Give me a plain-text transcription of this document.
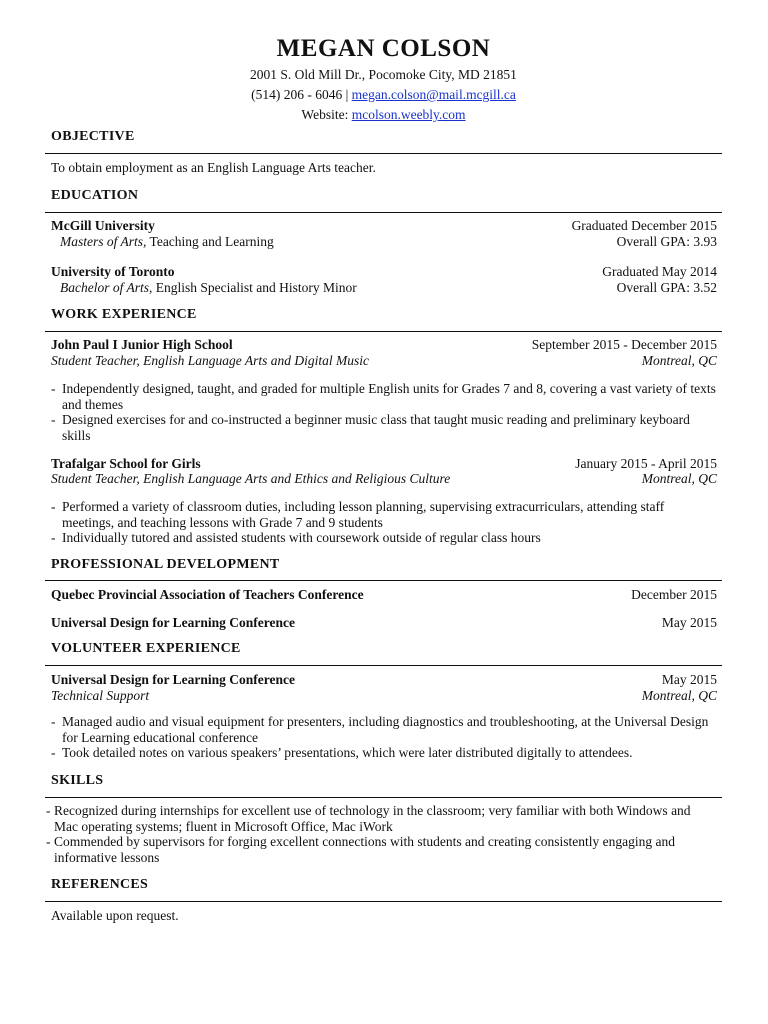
MEGAN COLSON
2001 S. Old Mill Dr., Pocomoke City, MD 21851
(514) 206 - 6046 | megan.colson@mail.mcgill.ca
Website: mcolson.weebly.com
OBJECTIVE
To obtain employment as an English Language Arts teacher.
EDUCATION
McGill University	Graduated December 2015
Masters of Arts, Teaching and Learning	Overall GPA: 3.93
University of Toronto	Graduated May 2014
Bachelor of Arts, English Specialist and History Minor	Overall GPA: 3.52
WORK EXPERIENCE
John Paul I Junior High School	September 2015 - December 2015
Student Teacher, English Language Arts and Digital Music	Montreal, QC
- Independently designed, taught, and graded for multiple English units for Grades 7 and 8, covering a vast variety of texts and themes
- Designed exercises for and co-instructed a beginner music class that taught music reading and preliminary keyboard skills
Trafalgar School for Girls	January 2015 - April 2015
Student Teacher, English Language Arts and Ethics and Religious Culture	Montreal, QC
- Performed a variety of classroom duties, including lesson planning, supervising extracurriculars, attending staff meetings, and teaching lessons with Grade 7 and 9 students
- Individually tutored and assisted students with coursework outside of regular class hours
PROFESSIONAL DEVELOPMENT
Quebec Provincial Association of Teachers Conference	December 2015
Universal Design for Learning Conference	May 2015
VOLUNTEER EXPERIENCE
Universal Design for Learning Conference	May 2015
Technical Support	Montreal, QC
- Managed audio and visual equipment for presenters, including diagnostics and troubleshooting, at the Universal Design for Learning educational conference
- Took detailed notes on various speakers’ presentations, which were later distributed digitally to attendees.
SKILLS
- Recognized during internships for excellent use of technology in the classroom; very familiar with both Windows and Mac operating systems; fluent in Microsoft Office, Mac iWork
- Commended by supervisors for forging excellent connections with students and creating consistently engaging and informative lessons
REFERENCES
Available upon request.
